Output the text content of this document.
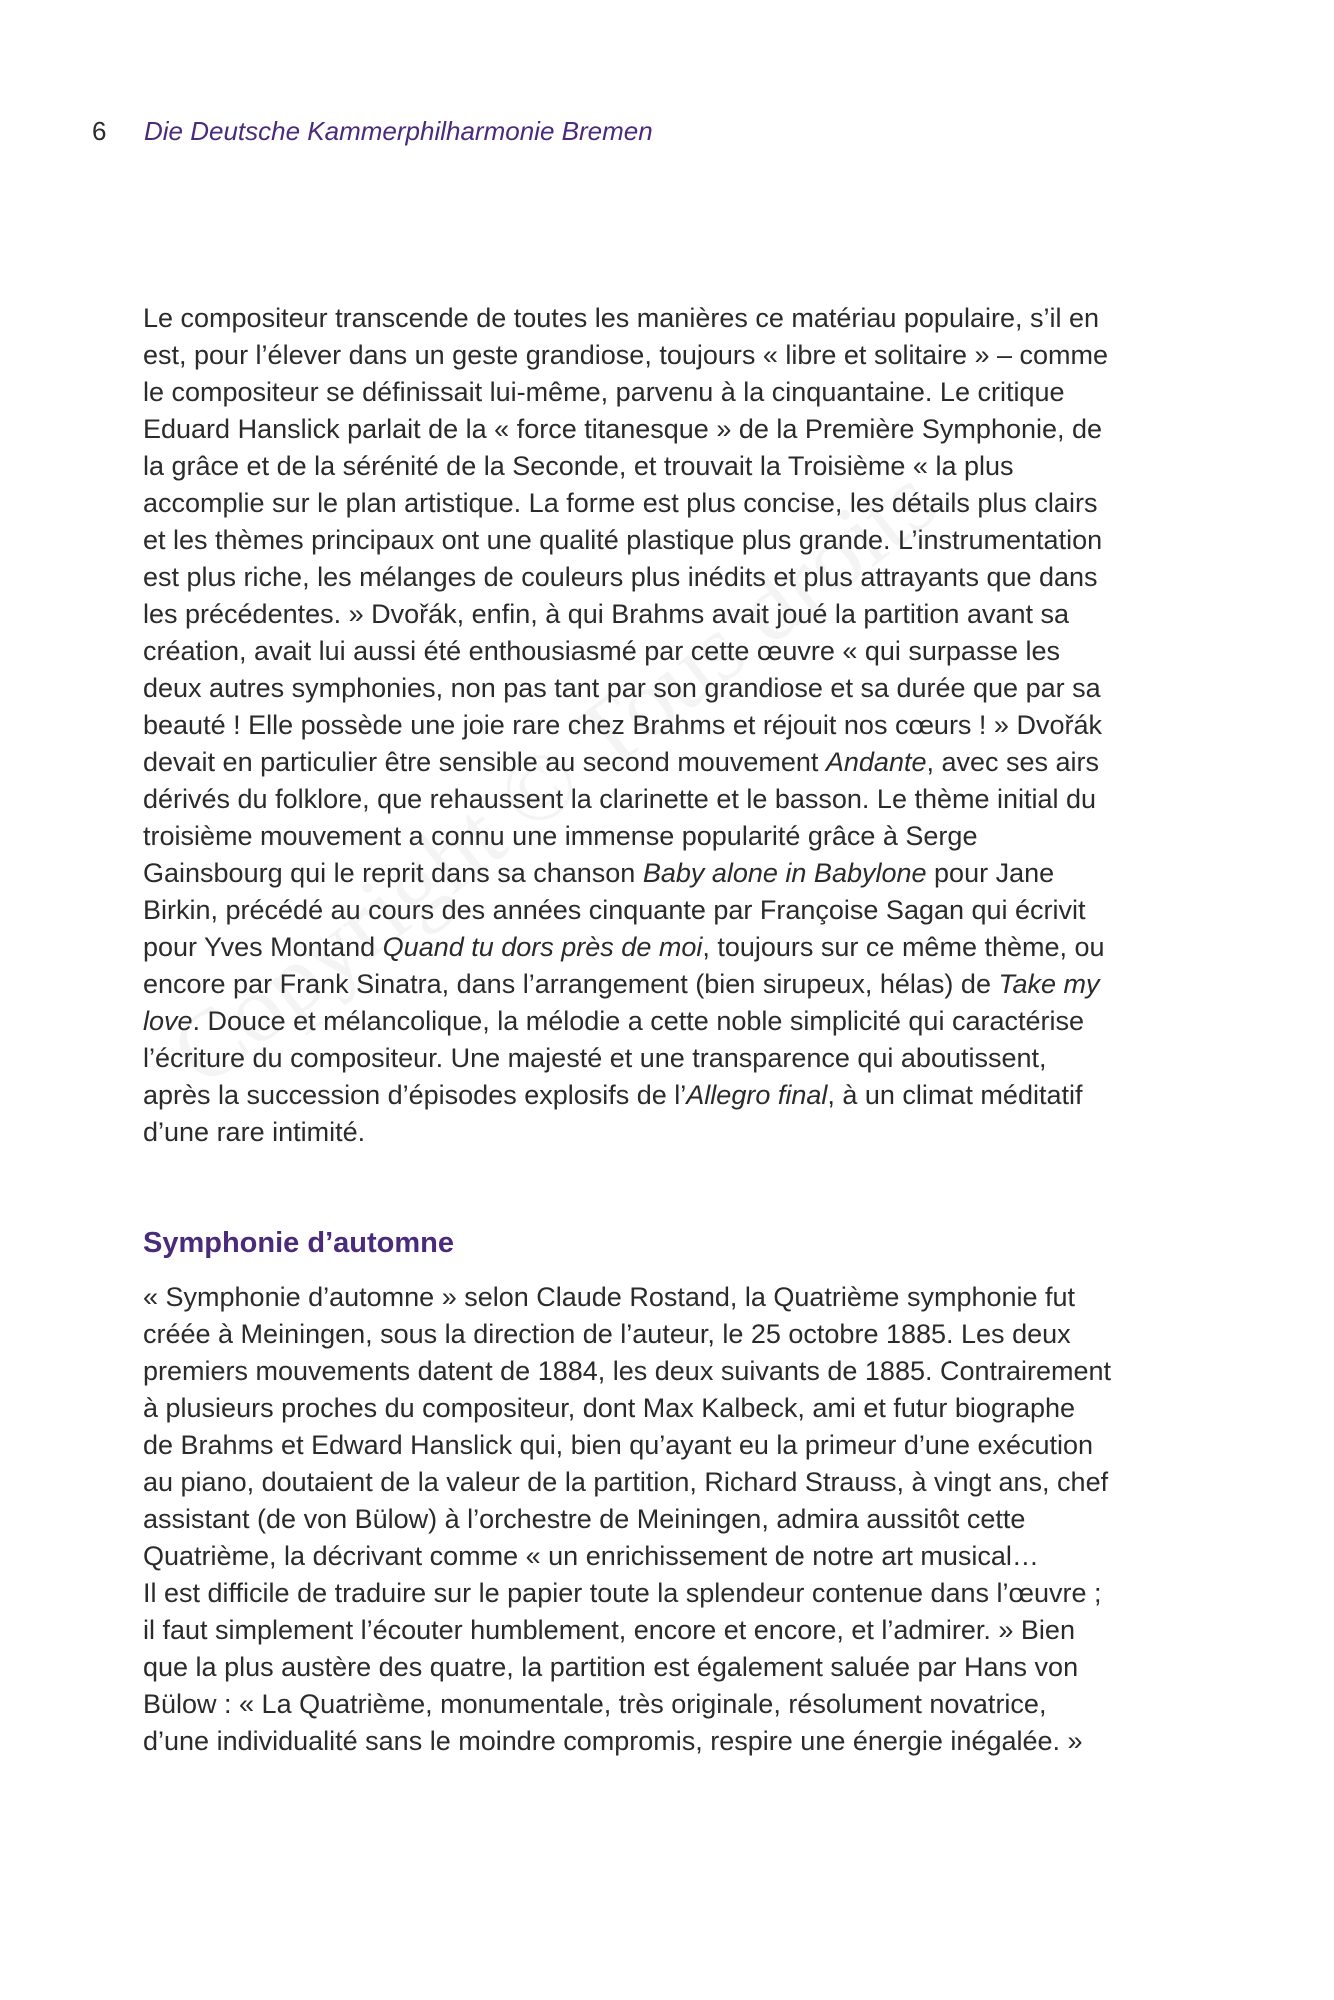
6	Die Deutsche Kammerphilharmonie Bremen

Le compositeur transcende de toutes les manières ce matériau populaire, s’il en
est, pour l’élever dans un geste grandiose, toujours « libre et solitaire » – comme
le compositeur se définissait lui-même, parvenu à la cinquantaine. Le critique
Eduard Hanslick parlait de la « force titanesque » de la Première Symphonie, de
la grâce et de la sérénité de la Seconde, et trouvait la Troisième « la plus
accomplie sur le plan artistique. La forme est plus concise, les détails plus clairs
et les thèmes principaux ont une qualité plastique plus grande. L’instrumentation
est plus riche, les mélanges de couleurs plus inédits et plus attrayants que dans
les précédentes. » Dvořák, enfin, à qui Brahms avait joué la partition avant sa
création, avait lui aussi été enthousiasmé par cette œuvre « qui surpasse les
deux autres symphonies, non pas tant par son grandiose et sa durée que par sa
beauté ! Elle possède une joie rare chez Brahms et réjouit nos cœurs ! » Dvořák
devait en particulier être sensible au second mouvement Andante, avec ses airs
dérivés du folklore, que rehaussent la clarinette et le basson. Le thème initial du
troisième mouvement a connu une immense popularité grâce à Serge
Gainsbourg qui le reprit dans sa chanson Baby alone in Babylone pour Jane
Birkin, précédé au cours des années cinquante par Françoise Sagan qui écrivit
pour Yves Montand Quand tu dors près de moi, toujours sur ce même thème, ou
encore par Frank Sinatra, dans l’arrangement (bien sirupeux, hélas) de Take my
love. Douce et mélancolique, la mélodie a cette noble simplicité qui caractérise
l’écriture du compositeur. Une majesté et une transparence qui aboutissent,
après la succession d’épisodes explosifs de l’Allegro final, à un climat méditatif
d’une rare intimité.

Symphonie d’automne

« Symphonie d’automne » selon Claude Rostand, la Quatrième symphonie fut
créée à Meiningen, sous la direction de l’auteur, le 25 octobre 1885. Les deux
premiers mouvements datent de 1884, les deux suivants de 1885. Contrairement
à plusieurs proches du compositeur, dont Max Kalbeck, ami et futur biographe
de Brahms et Edward Hanslick qui, bien qu’ayant eu la primeur d’une exécution
au piano, doutaient de la valeur de la partition, Richard Strauss, à vingt ans, chef
assistant (de von Bülow) à l’orchestre de Meiningen, admira aussitôt cette
Quatrième, la décrivant comme « un enrichissement de notre art musical…
Il est difficile de traduire sur le papier toute la splendeur contenue dans l’œuvre ;
il faut simplement l’écouter humblement, encore et encore, et l’admirer. » Bien
que la plus austère des quatre, la partition est également saluée par Hans von
Bülow : « La Quatrième, monumentale, très originale, résolument novatrice,
d’une individualité sans le moindre compromis, respire une énergie inégalée. »
